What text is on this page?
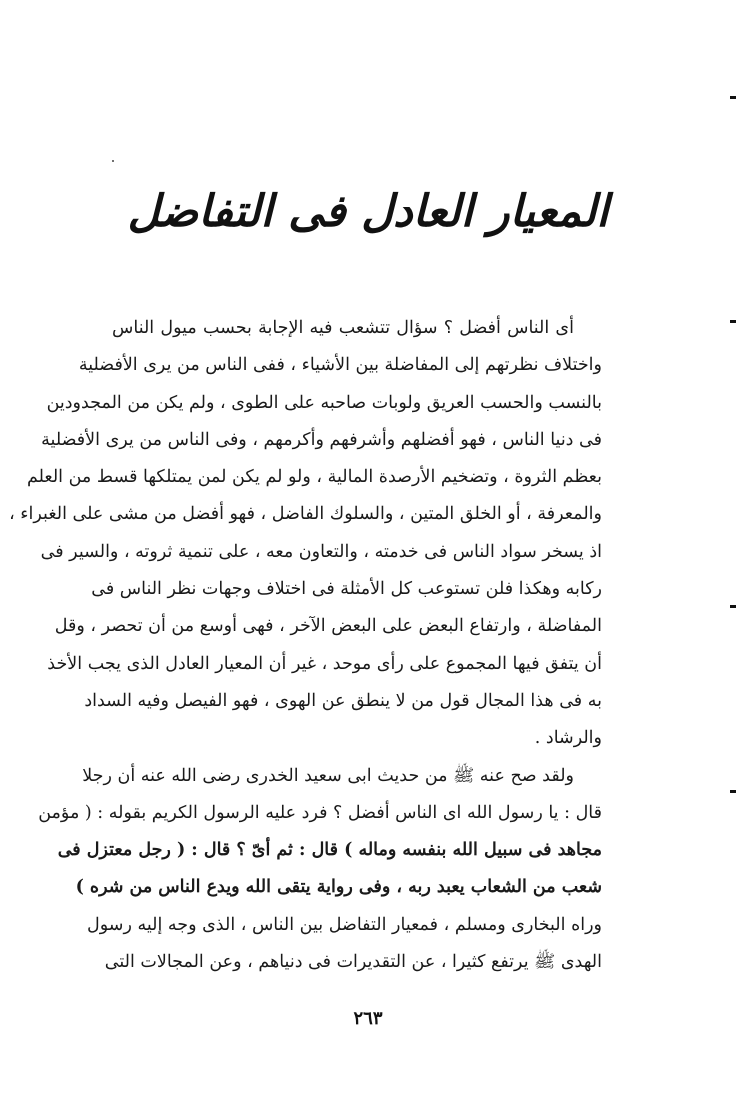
المعيار العادل فى التفاضل
أى الناس أفضل ؟ سؤال تتشعب فيه الإجابة بحسب ميول الناس
واختلاف نظرتهم إلى المفاضلة بين الأشياء ، ففى الناس من يرى الأفضلية
بالنسب والحسب العريق ولوبات صاحبه على الطوى ، ولم يكن من المجدودين
فى دنيا الناس ، فهو أفضلهم وأشرفهم وأكرمهم ، وفى الناس من يرى الأفضلية
بعظم الثروة ، وتضخيم الأرصدة المالية ، ولو لم يكن لمن يمتلكها قسط من العلم
والمعرفة ، أو الخلق المتين ، والسلوك الفاضل ، فهو أفضل من مشى على الغبراء ،
اذ يسخر سواد الناس فى خدمته ، والتعاون معه ، على تنمية ثروته ، والسير فى
ركابه وهكذا فلن تستوعب كل الأمثلة فى اختلاف وجهات نظر الناس فى
المفاضلة ، وارتفاع البعض على البعض الآخر ، فهى أوسع من أن تحصر ، وقل
أن يتفق فيها المجموع على رأى موحد ، غير أن المعيار العادل الذى يجب الأخذ
به فى هذا المجال قول من لا ينطق عن الهوى ، فهو الفيصل وفيه السداد
والرشاد .
ولقد صح عنه ﷺ من حديث ابى سعيد الخدرى رضى الله عنه أن رجلا
قال : يا رسول الله اى الناس أفضل ؟ فرد عليه الرسول الكريم بقوله : ( مؤمن
مجاهد فى سبيل الله بنفسه وماله ) قال : ثم أىّ ؟ قال : ( رجل معتزل فى
شعب من الشعاب يعبد ربه ، وفى رواية يتقى الله ويدع الناس من شره )
وراه البخارى ومسلم ، فمعيار التفاضل بين الناس ، الذى وجه إليه رسول
الهدى ﷺ يرتفع كثيرا ، عن التقديرات فى دنياهم ، وعن المجالات التى
٢٦٣
